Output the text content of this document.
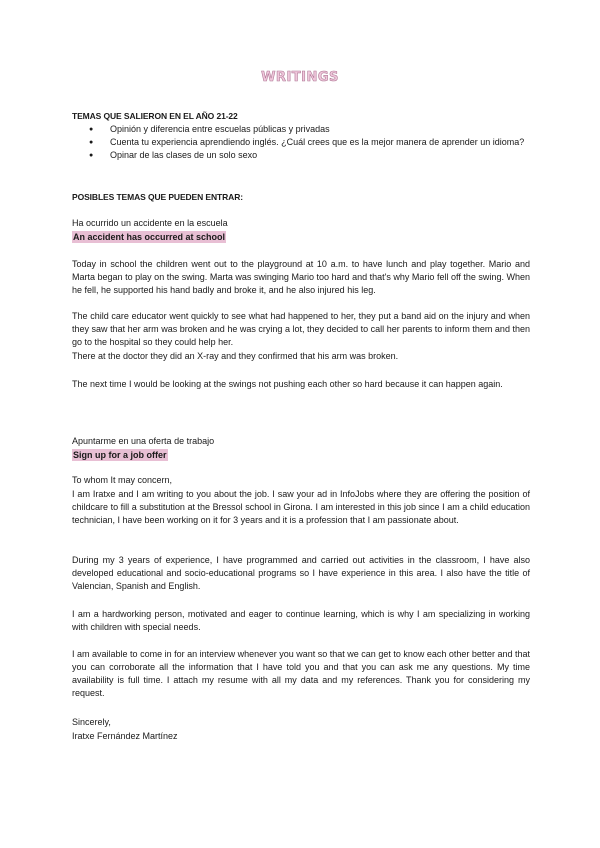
WRITINGS
TEMAS QUE SALIERON EN EL AÑO 21-22
● Opinión y diferencia entre escuelas públicas y privadas
● Cuenta tu experiencia aprendiendo inglés. ¿Cuál crees que es la mejor manera de aprender un idioma?
● Opinar de las clases de un solo sexo
POSIBLES TEMAS QUE PUEDEN ENTRAR:
Ha ocurrido un accidente en la escuela
An accident has occurred at school
Today in school the children went out to the playground at 10 a.m. to have lunch and play together. Mario and Marta began to play on the swing. Marta was swinging Mario too hard and that's why Mario fell off the swing. When he fell, he supported his hand badly and broke it, and he also injured his leg.
The child care educator went quickly to see what had happened to her, they put a band aid on the injury and when they saw that her arm was broken and he was crying a lot, they decided to call her parents to inform them and then go to the hospital so they could help her.
There at the doctor they did an X-ray and they confirmed that his arm was broken.
The next time I would be looking at the swings not pushing each other so hard because it can happen again.
Apuntarme en una oferta de trabajo
Sign up for a job offer
To whom It may concern,
I am Iratxe and I am writing to you about the job. I saw your ad in InfoJobs where they are offering the position of childcare to fill a substitution at the Bressol school in Girona. I am interested in this job since I am a child education technician, I have been working on it for 3 years and it is a profession that I am passionate about.
During my 3 years of experience, I have programmed and carried out activities in the classroom, I have also developed educational and socio-educational programs so I have experience in this area. I also have the title of Valencian, Spanish and English.
I am a hardworking person, motivated and eager to continue learning, which is why I am specializing in working with children with special needs.
I am available to come in for an interview whenever you want so that we can get to know each other better and that you can corroborate all the information that I have told you and that you can ask me any questions. My time availability is full time. I attach my resume with all my data and my references. Thank you for considering my request.
Sincerely,
Iratxe Fernández Martínez
